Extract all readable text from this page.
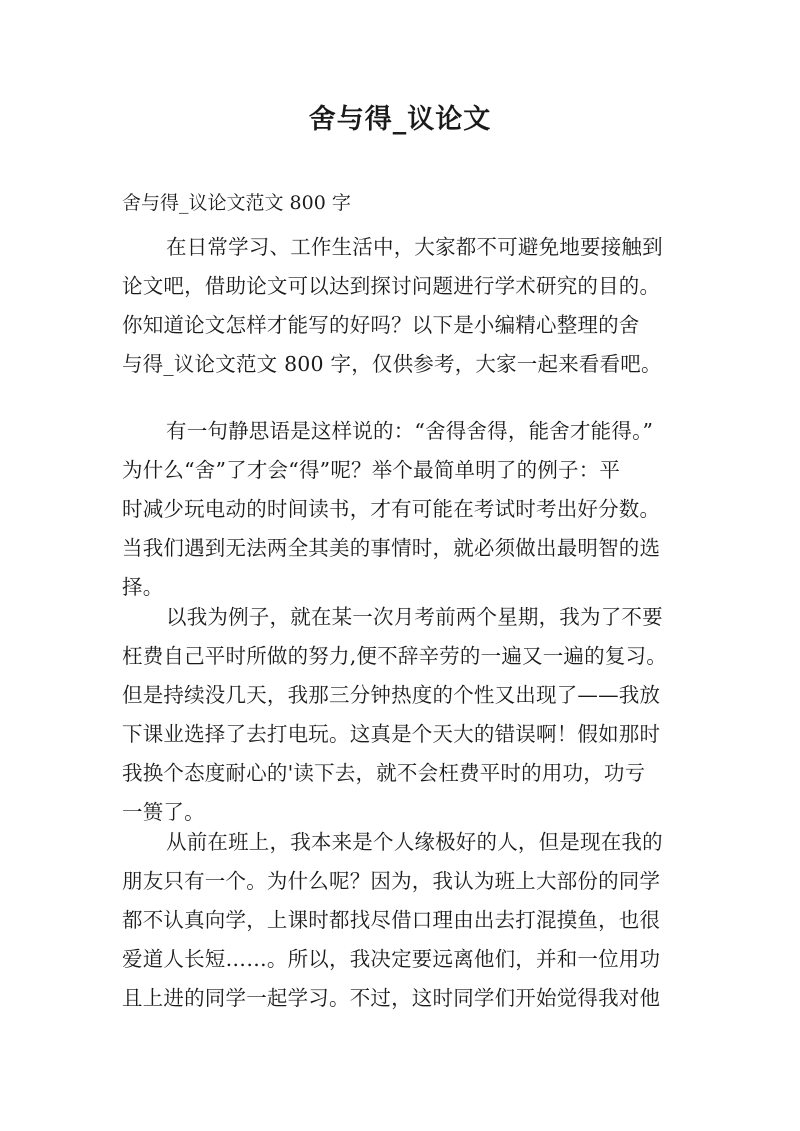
舍与得_议论文
舍与得_议论文范文 800 字
在日常学习、工作生活中，大家都不可避免地要接触到
论文吧，借助论文可以达到探讨问题进行学术研究的目的。
你知道论文怎样才能写的好吗？以下是小编精心整理的舍
与得_议论文范文 800 字，仅供参考，大家一起来看看吧。
有一句静思语是这样说的：“舍得舍得，能舍才能得。”
为什么“舍”了才会“得”呢？举个最简单明了的例子：平
时减少玩电动的时间读书，才有可能在考试时考出好分数。
当我们遇到无法两全其美的事情时，就必须做出最明智的选
择。
以我为例子，就在某一次月考前两个星期，我为了不要
枉费自己平时所做的努力,便不辞辛劳的一遍又一遍的复习。
但是持续没几天，我那三分钟热度的个性又出现了——我放
下课业选择了去打电玩。这真是个天大的错误啊！假如那时
我换个态度耐心的'读下去，就不会枉费平时的用功，功亏
一篑了。
从前在班上，我本来是个人缘极好的人，但是现在我的
朋友只有一个。为什么呢？因为，我认为班上大部份的同学
都不认真向学，上课时都找尽借口理由出去打混摸鱼，也很
爱道人长短……。所以，我决定要远离他们，并和一位用功
且上进的同学一起学习。不过，这时同学们开始觉得我对他
